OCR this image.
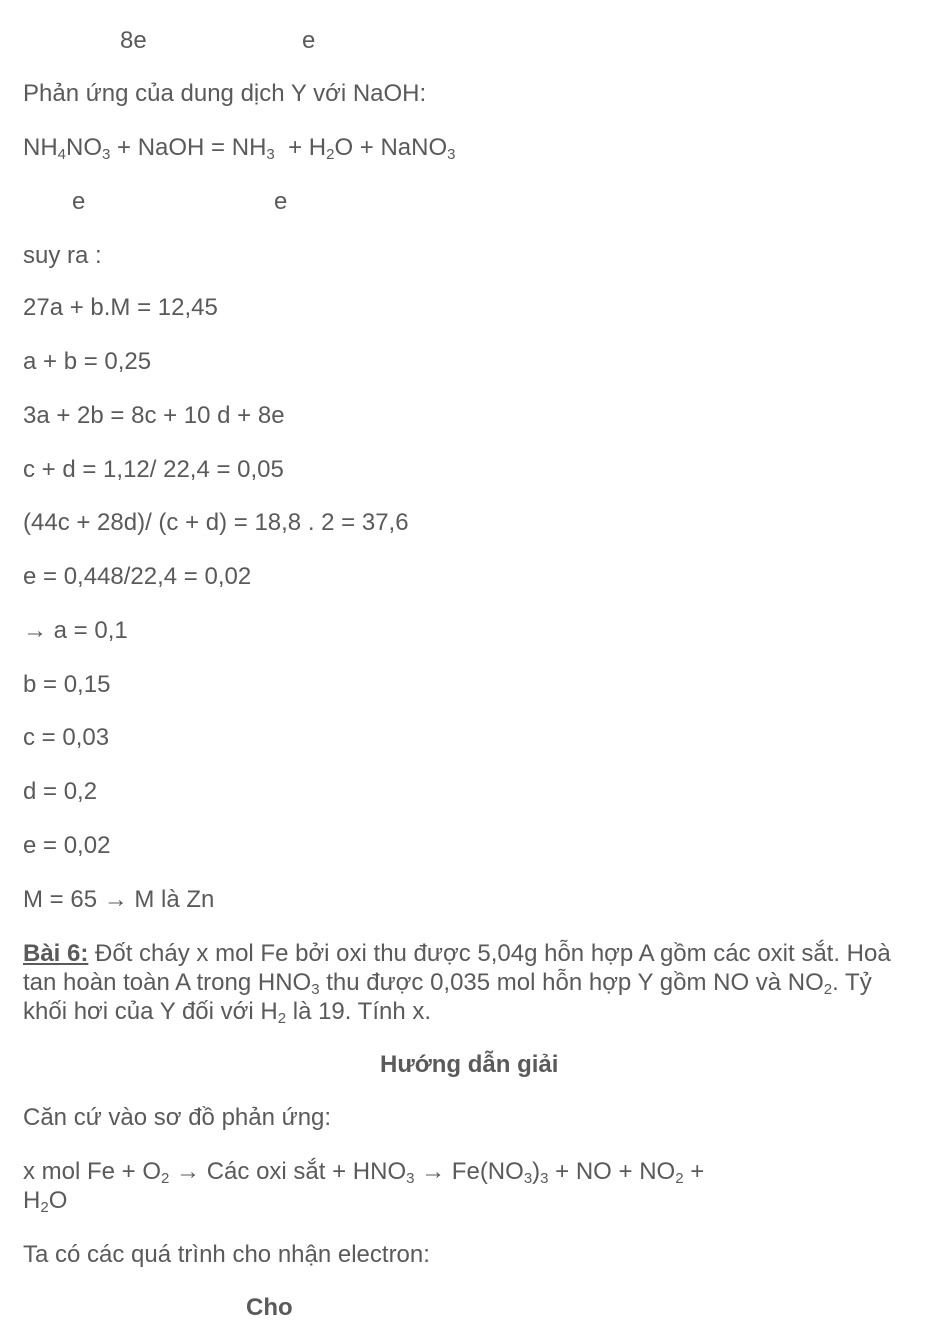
8e	e
Phản ứng của dung dịch Y với NaOH:
$NH_4NO_3$ + NaOH = $NH_3 + H_2O$ + NaNO$_3$
e	e
suy ra :
27a + b.M = 12,45
a + b = 0,25
3a + 2b = 8c + 10 d + 8e
c + d = 1,12/ 22,4 = 0,05
(44c + 28d)/ (c + d) = 18,8 . 2 = 37,6
e = 0,448/22,4 = 0,02
→ a = 0,1
b = 0,15
c = 0,03
d = 0,2
e = 0,02
M = 65 → M là Zn
Bài 6: Đốt cháy x mol Fe bởi oxi thu được 5,04g hỗn hợp A gồm các oxit sắt. Hoà tan hoàn toàn A trong $HNO_3$ thu được 0,035 mol hỗn hợp Y gồm NO và $NO_2$. Tỷ khối hơi của Y đối với $H_2$ là 19. Tính x.
Hướng dẫn giải
Căn cứ vào sơ đồ phản ứng:
x mol $Fe + O_2$ → Các oxi sắt + $HNO_3 \to Fe(NO_3)_3$ + NO + $NO_2$ +
$H_2O$
Ta có các quá trình cho nhận electron:
Cho
